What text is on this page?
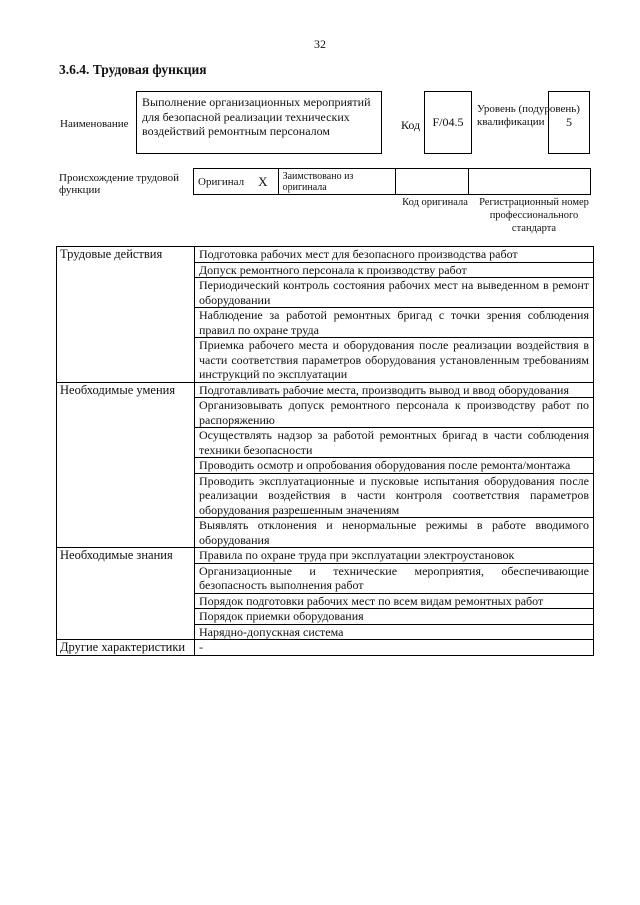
32
3.6.4. Трудовая функция
Наименование
Выполнение организационных мероприятий для безопасной реализации технических воздействий ремонтным персоналом	Код F/04.5
Уровень (подуровень) квалификации	5
Происхождение трудовой функции
Оригинал	X	Заимствовано из оригинала		
Код оригинала	Регистрационный номер профессионального стандарта
Трудовые действия	Подготовка рабочих мест для безопасного производства работ
	Допуск ремонтного персонала к производству работ
	Периодический контроль состояния рабочих мест на выведенном в ремонт оборудовании
	Наблюдение за работой ремонтных бригад с точки зрения соблюдения правил по охране труда
	Приемка рабочего места и оборудования после реализации воздействия в части соответствия параметров оборудования установленным требованиям инструкций по эксплуатации
Необходимые умения	Подготавливать рабочие места, производить вывод и ввод оборудования
	Организовывать допуск ремонтного персонала к производству работ по распоряжению
	Осуществлять надзор за работой ремонтных бригад в части соблюдения техники безопасности
	Проводить осмотр и опробования оборудования после ремонта/монтажа
	Проводить эксплуатационные и пусковые испытания оборудования после реализации воздействия в части контроля соответствия параметров оборудования разрешенным значениям
	Выявлять отклонения и ненормальные режимы в работе вводимого оборудования
Необходимые знания	Правила по охране труда при эксплуатации электроустановок
	Организационные и технические мероприятия, обеспечивающие безопасность выполнения работ
	Порядок подготовки рабочих мест по всем видам ремонтных работ
	Порядок приемки оборудования
	Нарядно-допускная система
Другие характеристики	-
